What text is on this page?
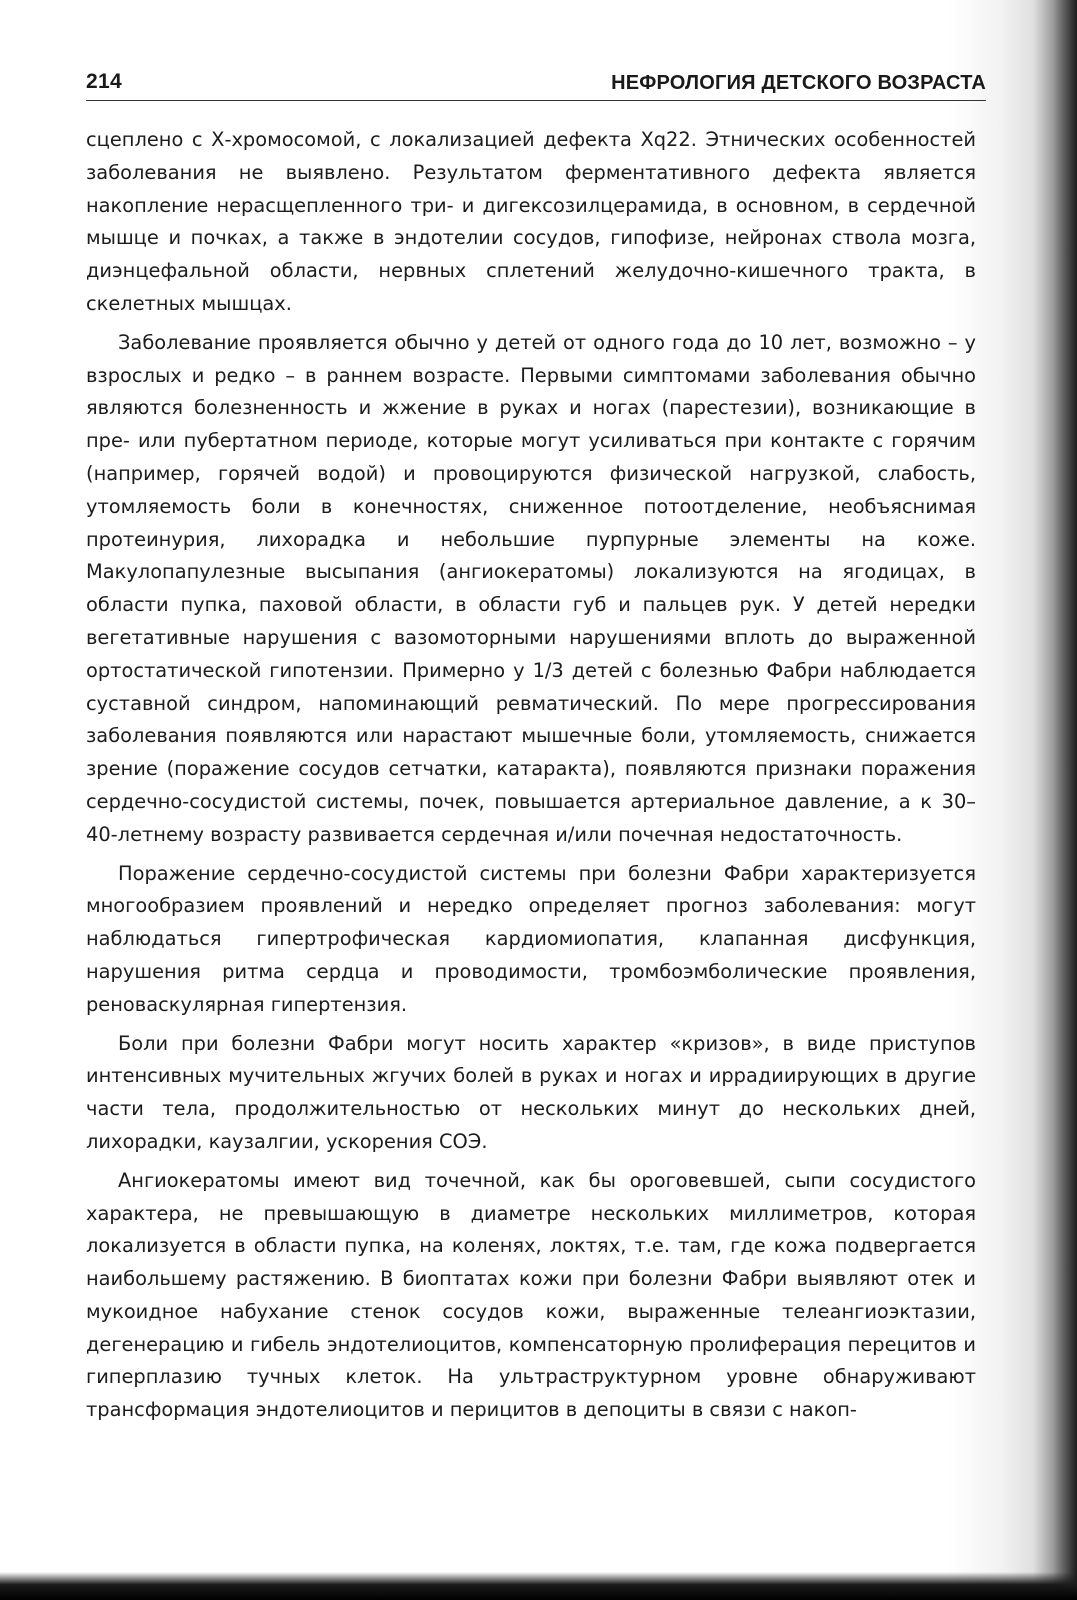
214	НЕФРОЛОГИЯ ДЕТСКОГО ВОЗРАСТА

сцеплено с Х-хромосомой, с локализацией дефекта Xq22. Этнических особенностей заболевания не выявлено. Результатом ферментативного дефекта является накопление нерасщепленного три- и дигексозилцерамида, в основном, в сердечной мышце и почках, а также в эндотелии сосудов, гипофизе, нейронах ствола мозга, диэнцефальной области, нервных сплетений желудочно-кишечного тракта, в скелетных мышцах.

Заболевание проявляется обычно у детей от одного года до 10 лет, возможно – у взрослых и редко – в раннем возрасте. Первыми симптомами заболевания обычно являются болезненность и жжение в руках и ногах (парестезии), возникающие в пре- или пубертатном периоде, которые могут усиливаться при контакте с горячим (например, горячей водой) и провоцируются физической нагрузкой, слабость, утомляемость боли в конечностях, сниженное потоотделение, необъяснимая протеинурия, лихорадка и небольшие пурпурные элементы на коже. Макулопапулезные высыпания (ангиокератомы) локализуются на ягодицах, в области пупка, паховой области, в области губ и пальцев рук. У детей нередки вегетативные нарушения с вазомоторными нарушениями вплоть до выраженной ортостатической гипотензии. Примерно у 1/3 детей с болезнью Фабри наблюдается суставной синдром, напоминающий ревматический. По мере прогрессирования заболевания появляются или нарастают мышечные боли, утомляемость, снижается зрение (поражение сосудов сетчатки, катаракта), появляются признаки поражения сердечно-сосудистой системы, почек, повышается артериальное давление, а к 30–40-летнему возрасту развивается сердечная и/или почечная недостаточность.

Поражение сердечно-сосудистой системы при болезни Фабри характеризуется многообразием проявлений и нередко определяет прогноз заболевания: могут наблюдаться гипертрофическая кардиомиопатия, клапанная дисфункция, нарушения ритма сердца и проводимости, тромбоэмболические проявления, реноваскулярная гипертензия.

Боли при болезни Фабри могут носить характер «кризов», в виде приступов интенсивных мучительных жгучих болей в руках и ногах и иррадиирующих в другие части тела, продолжительностью от нескольких минут до нескольких дней, лихорадки, каузалгии, ускорения СОЭ.

Ангиокератомы имеют вид точечной, как бы ороговевшей, сыпи сосудистого характера, не превышающую в диаметре нескольких миллиметров, которая локализуется в области пупка, на коленях, локтях, т.е. там, где кожа подвергается наибольшему растяжению. В биоптатах кожи при болезни Фабри выявляют отек и мукоидное набухание стенок сосудов кожи, выраженные телеангиоэктазии, дегенерацию и гибель эндотелиоцитов, компенсаторную пролиферация перецитов и гиперплазию тучных клеток. На ультраструктурном уровне обнаруживают трансформация эндотелиоцитов и перицитов в депоциты в связи с накоп-
